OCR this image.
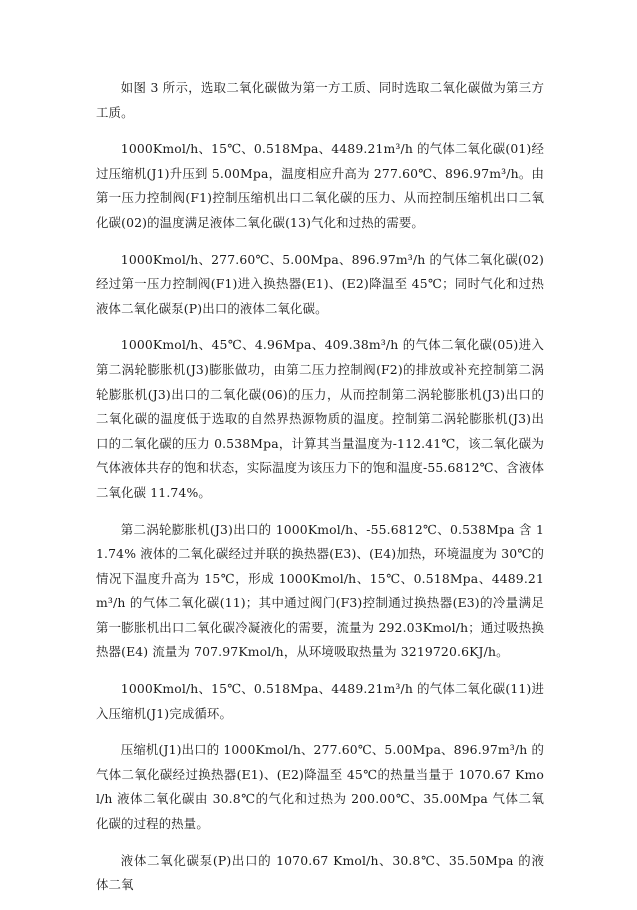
如图 3 所示，选取二氧化碳做为第一方工质、同时选取二氧化碳做为第三方工质。

1000Kmol/h、15℃、0.518Mpa、4489.21m³/h 的气体二氧化碳(01)经过压缩机(J1)升压到 5.00Mpa，温度相应升高为 277.60℃、896.97m³/h。由第一压力控制阀(F1)控制压缩机出口二氧化碳的压力、从而控制压缩机出口二氧化碳(02)的温度满足液体二氧化碳(13)气化和过热的需要。

1000Kmol/h、277.60℃、5.00Mpa、896.97m³/h 的气体二氧化碳(02)经过第一压力控制阀(F1)进入换热器(E1)、(E2)降温至 45℃；同时气化和过热液体二氧化碳泵(P)出口的液体二氧化碳。

1000Kmol/h、45℃、4.96Mpa、409.38m³/h 的气体二氧化碳(05)进入第二涡轮膨胀机(J3)膨胀做功，由第二压力控制阀(F2)的排放或补充控制第二涡轮膨胀机(J3)出口的二氧化碳(06)的压力，从而控制第二涡轮膨胀机(J3)出口的二氧化碳的温度低于选取的自然界热源物质的温度。控制第二涡轮膨胀机(J3)出口的二氧化碳的压力 0.538Mpa，计算其当量温度为-112.41℃，该二氧化碳为气体液体共存的饱和状态，实际温度为该压力下的饱和温度-55.6812℃、含液体二氧化碳 11.74%。

第二涡轮膨胀机(J3)出口的 1000Kmol/h、-55.6812℃、0.538Mpa 含 11.74% 液体的二氧化碳经过并联的换热器(E3)、(E4)加热，环境温度为 30℃的情况下温度升高为 15℃，形成 1000Kmol/h、15℃、0.518Mpa、4489.21m³/h 的气体二氧化碳(11)；其中通过阀门(F3)控制通过换热器(E3)的冷量满足第一膨胀机出口二氧化碳冷凝液化的需要，流量为 292.03Kmol/h；通过吸热换热器(E4) 流量为 707.97Kmol/h，从环境吸取热量为 3219720.6KJ/h。

1000Kmol/h、15℃、0.518Mpa、4489.21m³/h 的气体二氧化碳(11)进入压缩机(J1)完成循环。

压缩机(J1)出口的 1000Kmol/h、277.60℃、5.00Mpa、896.97m³/h 的气体二氧化碳经过换热器(E1)、(E2)降温至 45℃的热量当量于 1070.67 Kmol/h 液体二氧化碳由 30.8℃的气化和过热为 200.00℃、35.00Mpa 气体二氧化碳的过程的热量。

液体二氧化碳泵(P)出口的 1070.67 Kmol/h、30.8℃、35.50Mpa 的液体二氧
